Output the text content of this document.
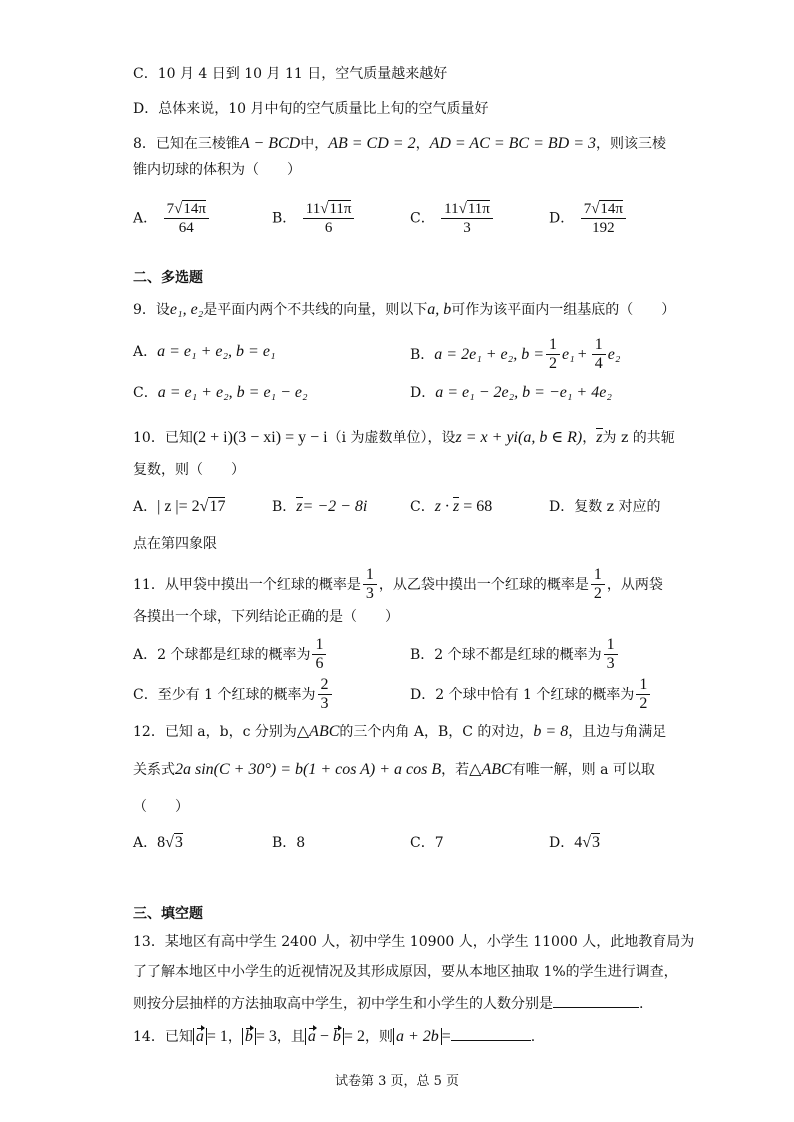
C．10 月 4 日到 10 月 11 日，空气质量越来越好
D．总体来说，10 月中旬的空气质量比上旬的空气质量好
8．已知在三棱锥A − BCD中，AB = CD = 2，AD = AC = BC = BD = 3，则该三棱
锥内切球的体积为（　　）
A． $\frac{7√14\pi}{64}$	B． $\frac{11√11\pi}{6}$	C． $\frac{11√11\pi}{3}$	D． $\frac{7√14\pi}{192}$
二、多选题
9．设e₁, e₂是平面内两个不共线的向量，则以下a, b可作为该平面内一组基底的（　　）
A．a = e₁ + e₂, b = e₁	B． a = 2e₁ + e₂, $b = \frac{1}{2} e_1 + \frac{1}{4} e_2$
C．a = e₁ + e₂, b = e₁ − e₂	D．a = e₁ − 2e₂, b = −e₁ + 4e₂
10．已知(2 + i)(3 − xi) = y − i（i 为虚数单位），设z = x + yi(a, b ∈ R)，z为 z 的共轭
复数，则（　　）
A．| z |= 2√17	B．z= −2 − 8i	C．z · z = 68	D．复数 z 对应的
点在第四象限
11．从甲袋中摸出一个红球的概率是 $\frac{1}{3}$ ，从乙袋中摸出一个红球的概率是 $\frac{1}{2}$ ，从两袋
各摸出一个球，下列结论正确的是（　　）
A． 2 个球都是红球的概率为 $\frac{1}{6}$	B． 2 个球不都是红球的概率为 $\frac{1}{3}$
C． 至少有 1 个红球的概率为 $\frac{2}{3}$	D． 2 个球中恰有 1 个红球的概率为 $\frac{1}{2}$
12．已知 a，b，c 分别为△ABC的三个内角 A，B，C 的对边，b = 8，且边与角满足
关系式2a sin(C + 30°) = b(1 + cos A) + a cos B，若△ABC有唯一解，则 a 可以取
（　　）
A．8√3	B．8	C．7	D．4√3
三、填空题
13．某地区有高中学生 2400 人，初中学生 10900 人，小学生 11000 人，此地教育局为
了了解本地区中小学生的近视情况及其形成原因，要从本地区抽取 1%的学生进行调查，
则按分层抽样的方法抽取高中学生，初中学生和小学生的人数分别是	.
14．已知 a = 1， b = 3，且 a − b = 2，则 a + 2b =	.
试卷第 3 页，总 5 页
